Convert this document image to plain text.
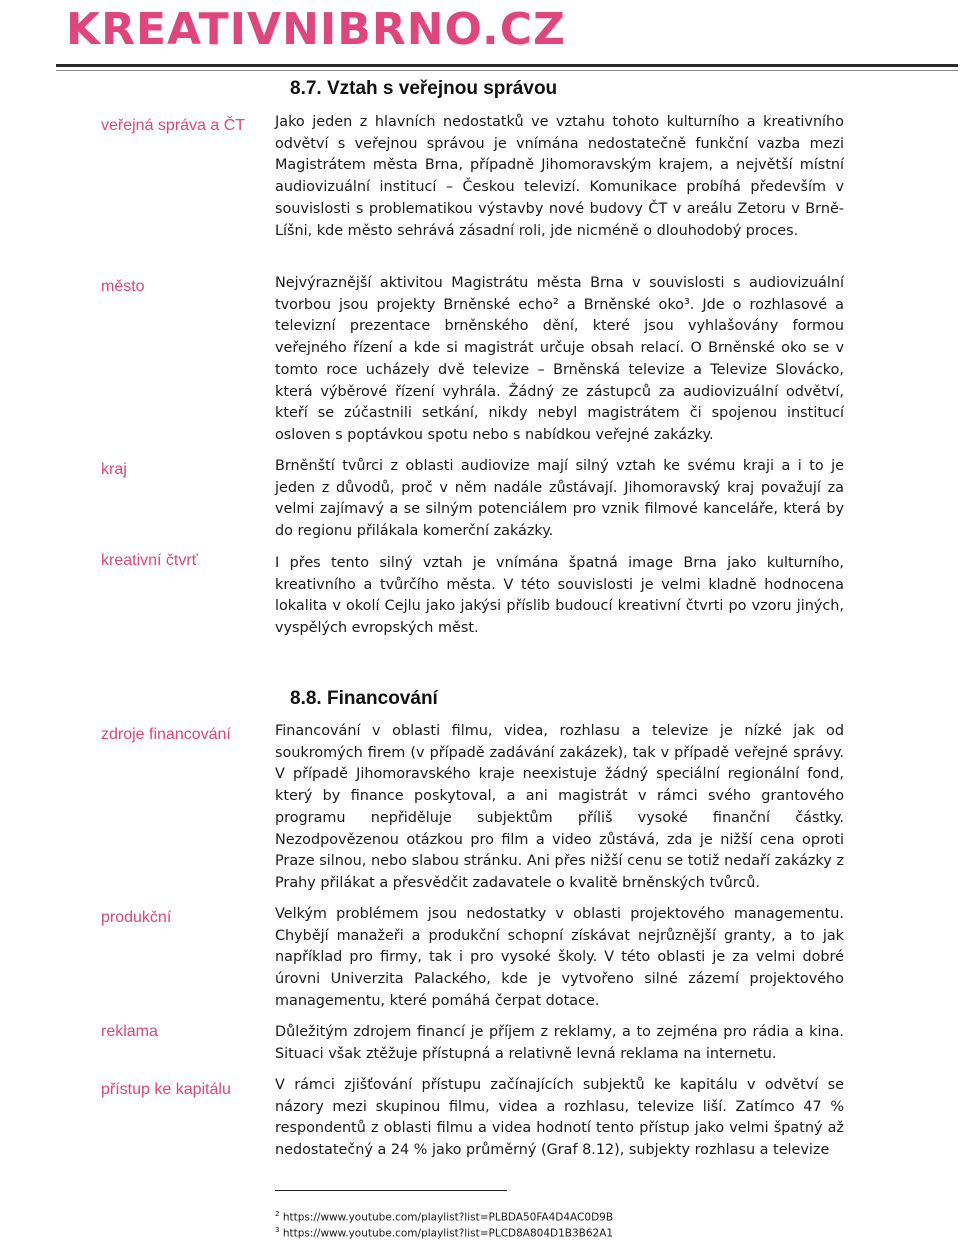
KREATIVNIBRNO.CZ
8.7. Vztah s veřejnou správou
veřejná správa a ČT
město
kraj
kreativní čtvrť

Jako jeden z hlavních nedostatků ve vztahu tohoto kulturního a kreativního odvětví s veřejnou správou je vnímána nedostatečně funkční vazba mezi Magistrátem města Brna, případně Jihomoravským krajem, a největší místní audiovizuální institucí – Českou televizí. Komunikace probíhá především v souvislosti s problematikou výstavby nové budovy ČT v areálu Zetoru v Brně-Líšni, kde město sehrává zásadní roli, jde nicméně o dlouhodobý proces.

Nejvýraznější aktivitou Magistrátu města Brna v souvislosti s audiovizuální tvorbou jsou projekty Brněnské echo² a Brněnské oko³. Jde o rozhlasové a televizní prezentace brněnského dění, které jsou vyhlašovány formou veřejného řízení a kde si magistrát určuje obsah relací. O Brněnské oko se v tomto roce ucházely dvě televize – Brněnská televize a Televize Slovácko, která výběrové řízení vyhrála. Žádný ze zástupců za audiovizuální odvětví, kteří se zúčastnili setkání, nikdy nebyl magistrátem či spojenou institucí osloven s poptávkou spotu nebo s nabídkou veřejné zakázky.

Brněnští tvůrci z oblasti audiovize mají silný vztah ke svému kraji a i to je jeden z důvodů, proč v něm nadále zůstávají. Jihomoravský kraj považují za velmi zajímavý a se silným potenciálem pro vznik filmové kanceláře, která by do regionu přilákala komerční zakázky.

I přes tento silný vztah je vnímána špatná image Brna jako kulturního, kreativního a tvůrčího města. V této souvislosti je velmi kladně hodnocena lokalita v okolí Cejlu jako jakýsi příslib budoucí kreativní čtvrti po vzoru jiných, vyspělých evropských měst.

8.8. Financování
zdroje financování
produkční
reklama
přístup ke kapitálu

Financování v oblasti filmu, videa, rozhlasu a televize je nízké jak od soukromých firem (v případě zadávání zakázek), tak v případě veřejné správy. V případě Jihomoravského kraje neexistuje žádný speciální regionální fond, který by finance poskytoval, a ani magistrát v rámci svého grantového programu nepřiděluje subjektům příliš vysoké finanční částky. Nezodpovězenou otázkou pro film a video zůstává, zda je nižší cena oproti Praze silnou, nebo slabou stránku. Ani přes nižší cenu se totiž nedaří zakázky z Prahy přilákat a přesvědčit zadavatele o kvalitě brněnských tvůrců.

Velkým problémem jsou nedostatky v oblasti projektového managementu. Chybějí manažeři a produkční schopní získávat nejrůznější granty, a to jak například pro firmy, tak i pro vysoké školy. V této oblasti je za velmi dobré úrovni Univerzita Palackého, kde je vytvořeno silné zázemí projektového managementu, které pomáhá čerpat dotace.

Důležitým zdrojem financí je příjem z reklamy, a to zejména pro rádia a kina. Situaci však ztěžuje přístupná a relativně levná reklama na internetu.

V rámci zjišťování přístupu začínajících subjektů ke kapitálu v odvětví se názory mezi skupinou filmu, videa a rozhlasu, televize liší. Zatímco 47 % respondentů z oblasti filmu a videa hodnotí tento přístup jako velmi špatný až nedostatečný a 24 % jako průměrný (Graf 8.12), subjekty rozhlasu a televize

$^2$ https://www.youtube.com/playlist?list=PLBDA50FA4D4AC0D9B
$^3$ https://www.youtube.com/playlist?list=PLCD8A804D1B3B62A1
